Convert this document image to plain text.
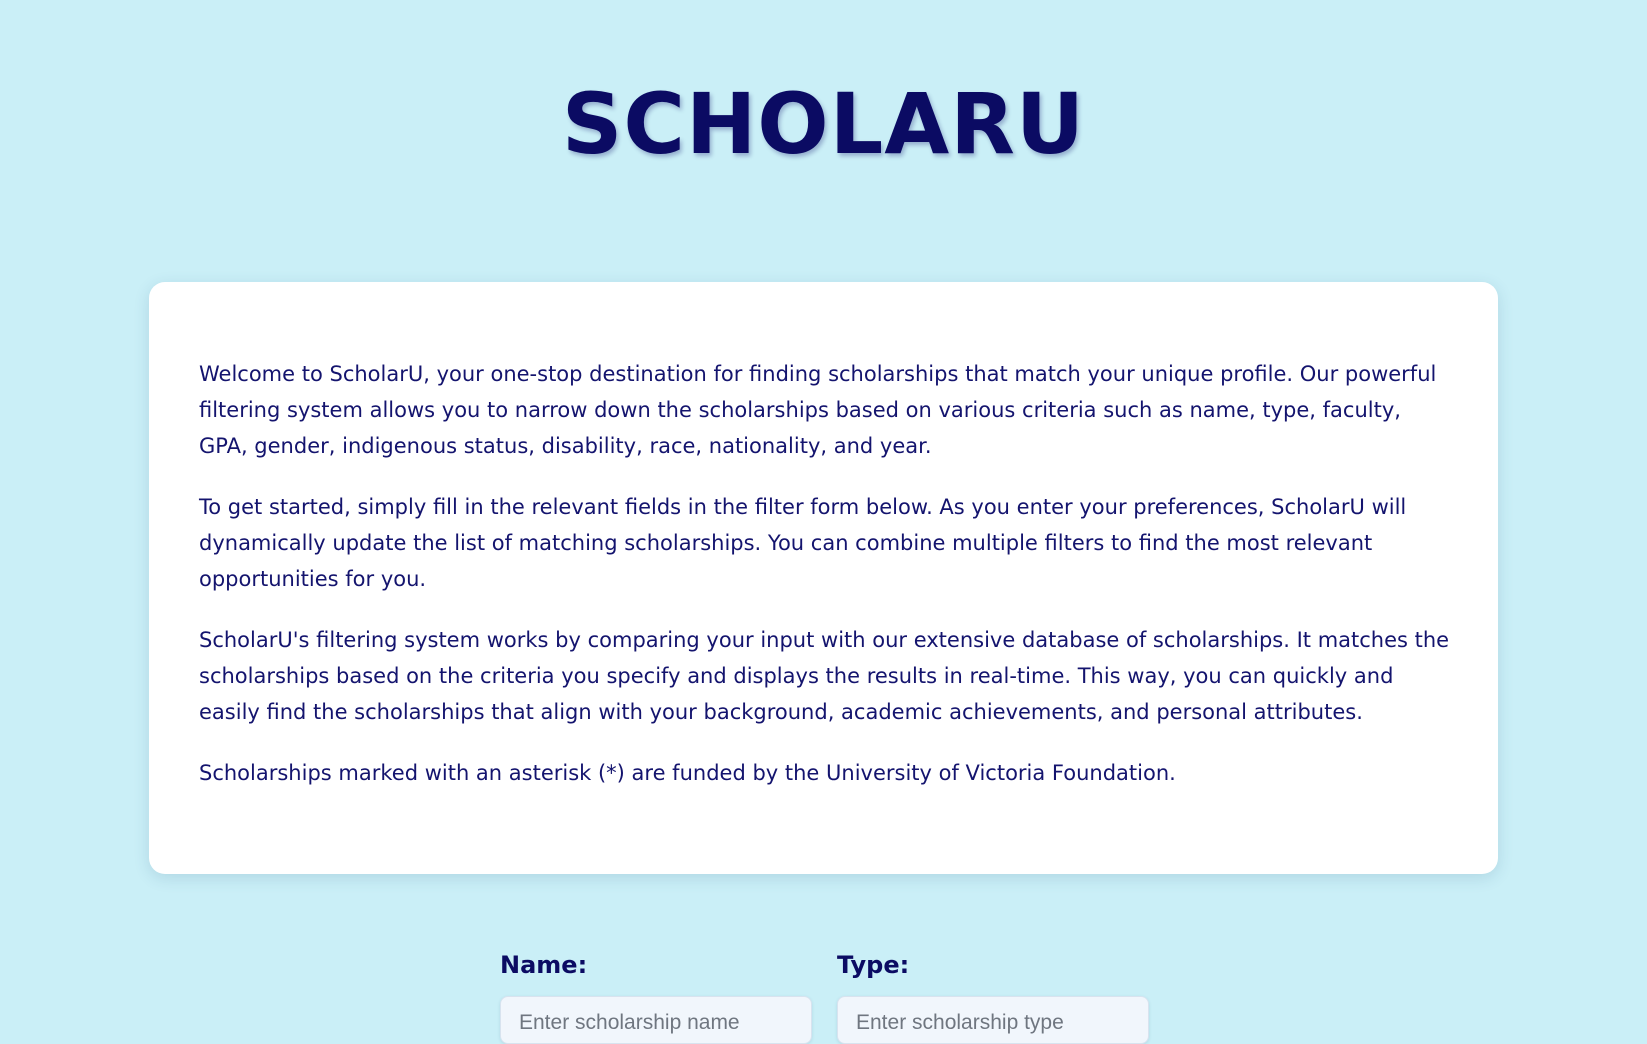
SCHOLARU

Welcome to ScholarU, your one-stop destination for finding scholarships that match your unique profile. Our powerful filtering system allows you to narrow down the scholarships based on various criteria such as name, type, faculty, GPA, gender, indigenous status, disability, race, nationality, and year.

To get started, simply fill in the relevant fields in the filter form below. As you enter your preferences, ScholarU will dynamically update the list of matching scholarships. You can combine multiple filters to find the most relevant opportunities for you.

ScholarU's filtering system works by comparing your input with our extensive database of scholarships. It matches the scholarships based on the criteria you specify and displays the results in real-time. This way, you can quickly and easily find the scholarships that align with your background, academic achievements, and personal attributes.

Scholarships marked with an asterisk (*) are funded by the University of Victoria Foundation.

Name:
Enter scholarship name	Type:
Enter scholarship type
